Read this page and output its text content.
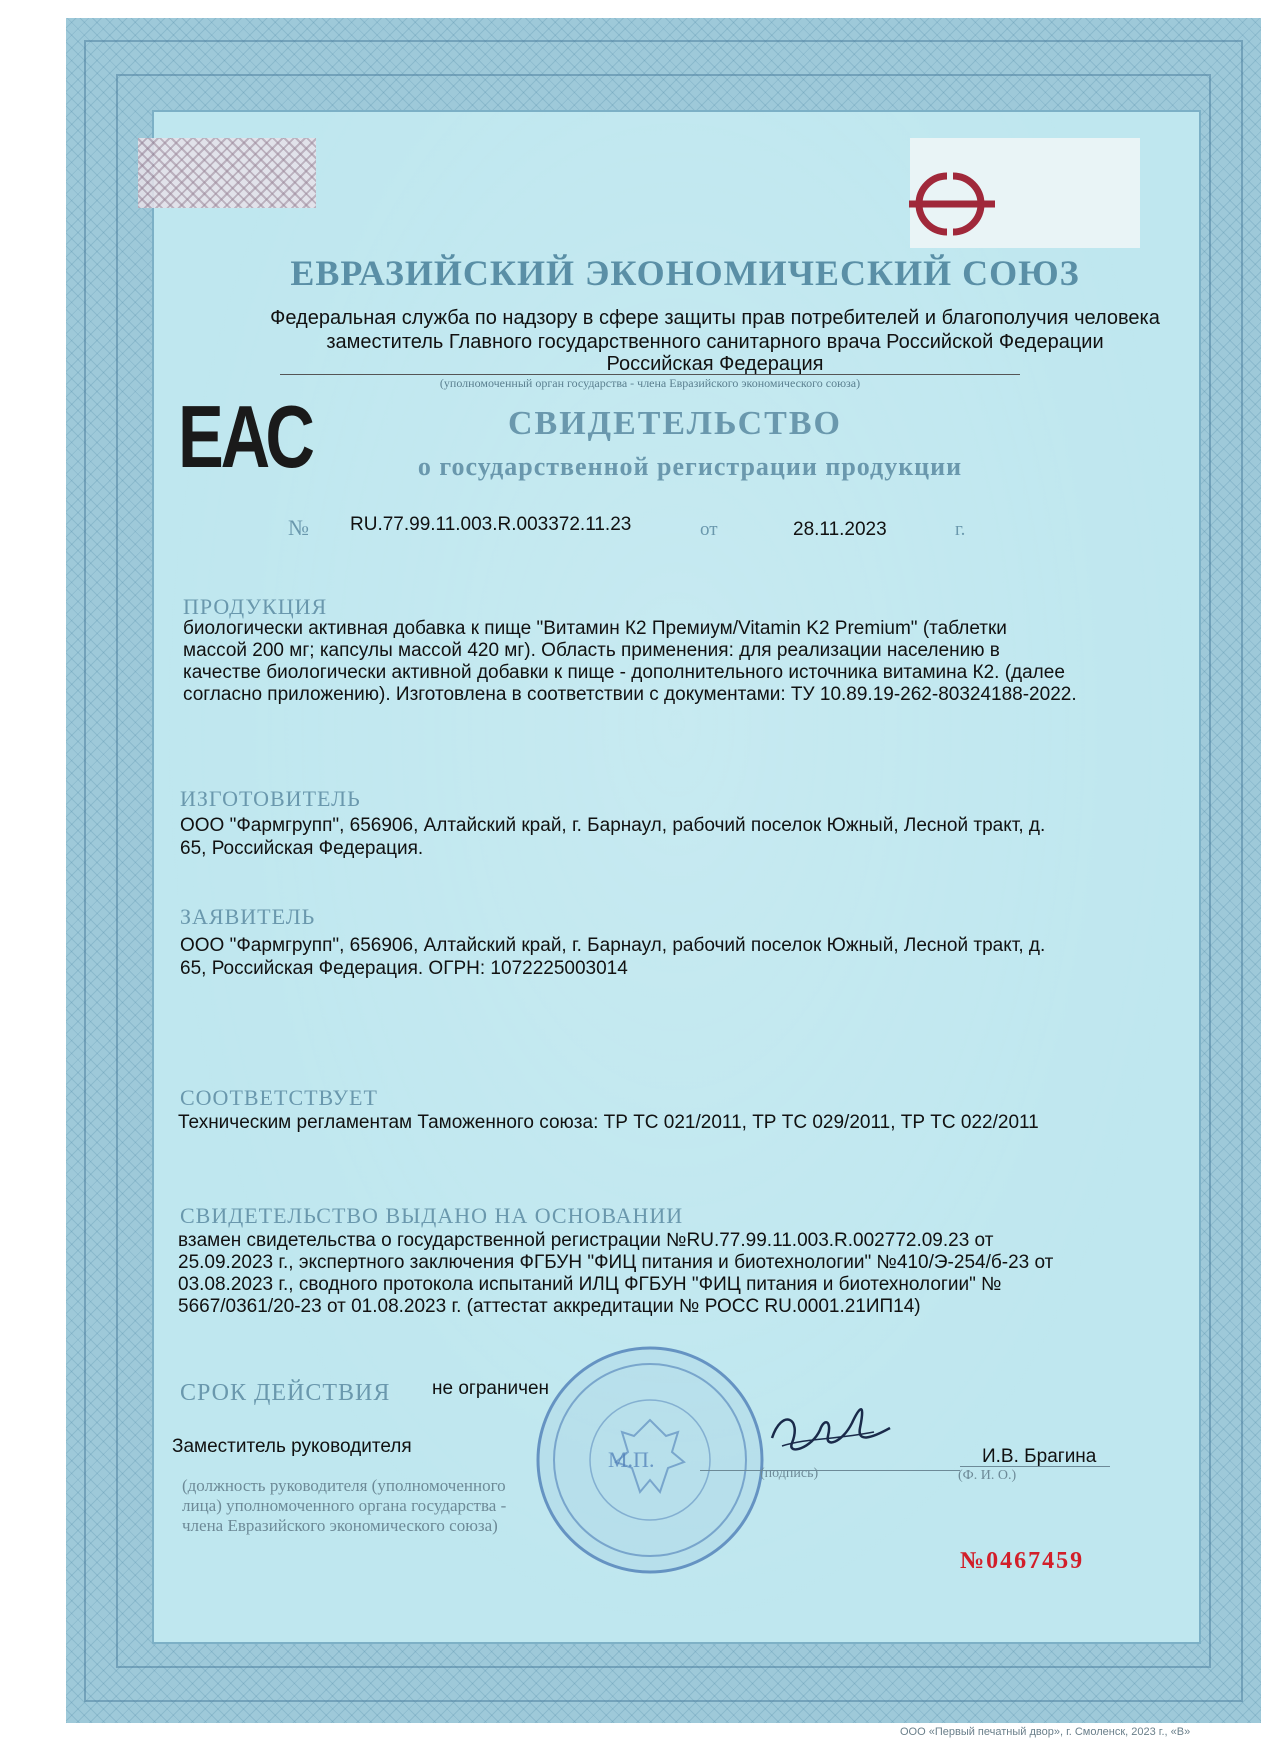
ЕВРАЗИЙСКИЙ ЭКОНОМИЧЕСКИЙ СОЮЗ
Федеральная служба по надзору в сфере защиты прав потребителей и благополучия человека
заместитель Главного государственного санитарного врача Российской Федерации
Российская Федерация
(уполномоченный орган государства - члена Евразийского экономического союза)
ЕАС	СВИДЕТЕЛЬСТВО
о государственной регистрации продукции
№ RU.77.99.11.003.R.003372.11.23	от	28.11.2023	г.
ПРОДУКЦИЯ
биологически активная добавка к пище "Витамин К2 Премиум/Vitamin K2 Premium" (таблетки
массой 200 мг; капсулы массой 420 мг). Область применения: для реализации населению в
качестве биологически активной добавки к пище - дополнительного источника витамина К2. (далее
согласно приложению). Изготовлена в соответствии с документами: ТУ 10.89.19-262-80324188-2022.
ИЗГОТОВИТЕЛЬ
ООО "Фармгрупп", 656906, Алтайский край, г. Барнаул, рабочий поселок Южный, Лесной тракт, д.
65, Российская Федерация.
ЗАЯВИТЕЛЬ
ООО "Фармгрупп", 656906, Алтайский край, г. Барнаул, рабочий поселок Южный, Лесной тракт, д.
65, Российская Федерация. ОГРН: 1072225003014
СООТВЕТСТВУЕТ
Техническим регламентам Таможенного союза: ТР ТС 021/2011, ТР ТС 029/2011, ТР ТС 022/2011
СВИДЕТЕЛЬСТВО ВЫДАНО НА ОСНОВАНИИ
взамен свидетельства о государственной регистрации №RU.77.99.11.003.R.002772.09.23 от
25.09.2023 г., экспертного заключения ФГБУН "ФИЦ питания и биотехнологии" №410/Э-254/б-23 от
03.08.2023 г., сводного протокола испытаний ИЛЦ ФГБУН "ФИЦ питания и биотехнологии" №
5667/0361/20-23 от 01.08.2023 г. (аттестат аккредитации № РОСС RU.0001.21ИП14)
М.П.
СРОК ДЕЙСТВИЯ не ограничен
Заместитель руководителя	И.В. Брагина
(подпись)	(Ф. И. О.)
(должность руководителя (уполномоченного
лица) уполномоченного органа государства -
члена Евразийского экономического союза)
№0467459
ООО «Первый печатный двор», г. Смоленск, 2023 г., «В»
